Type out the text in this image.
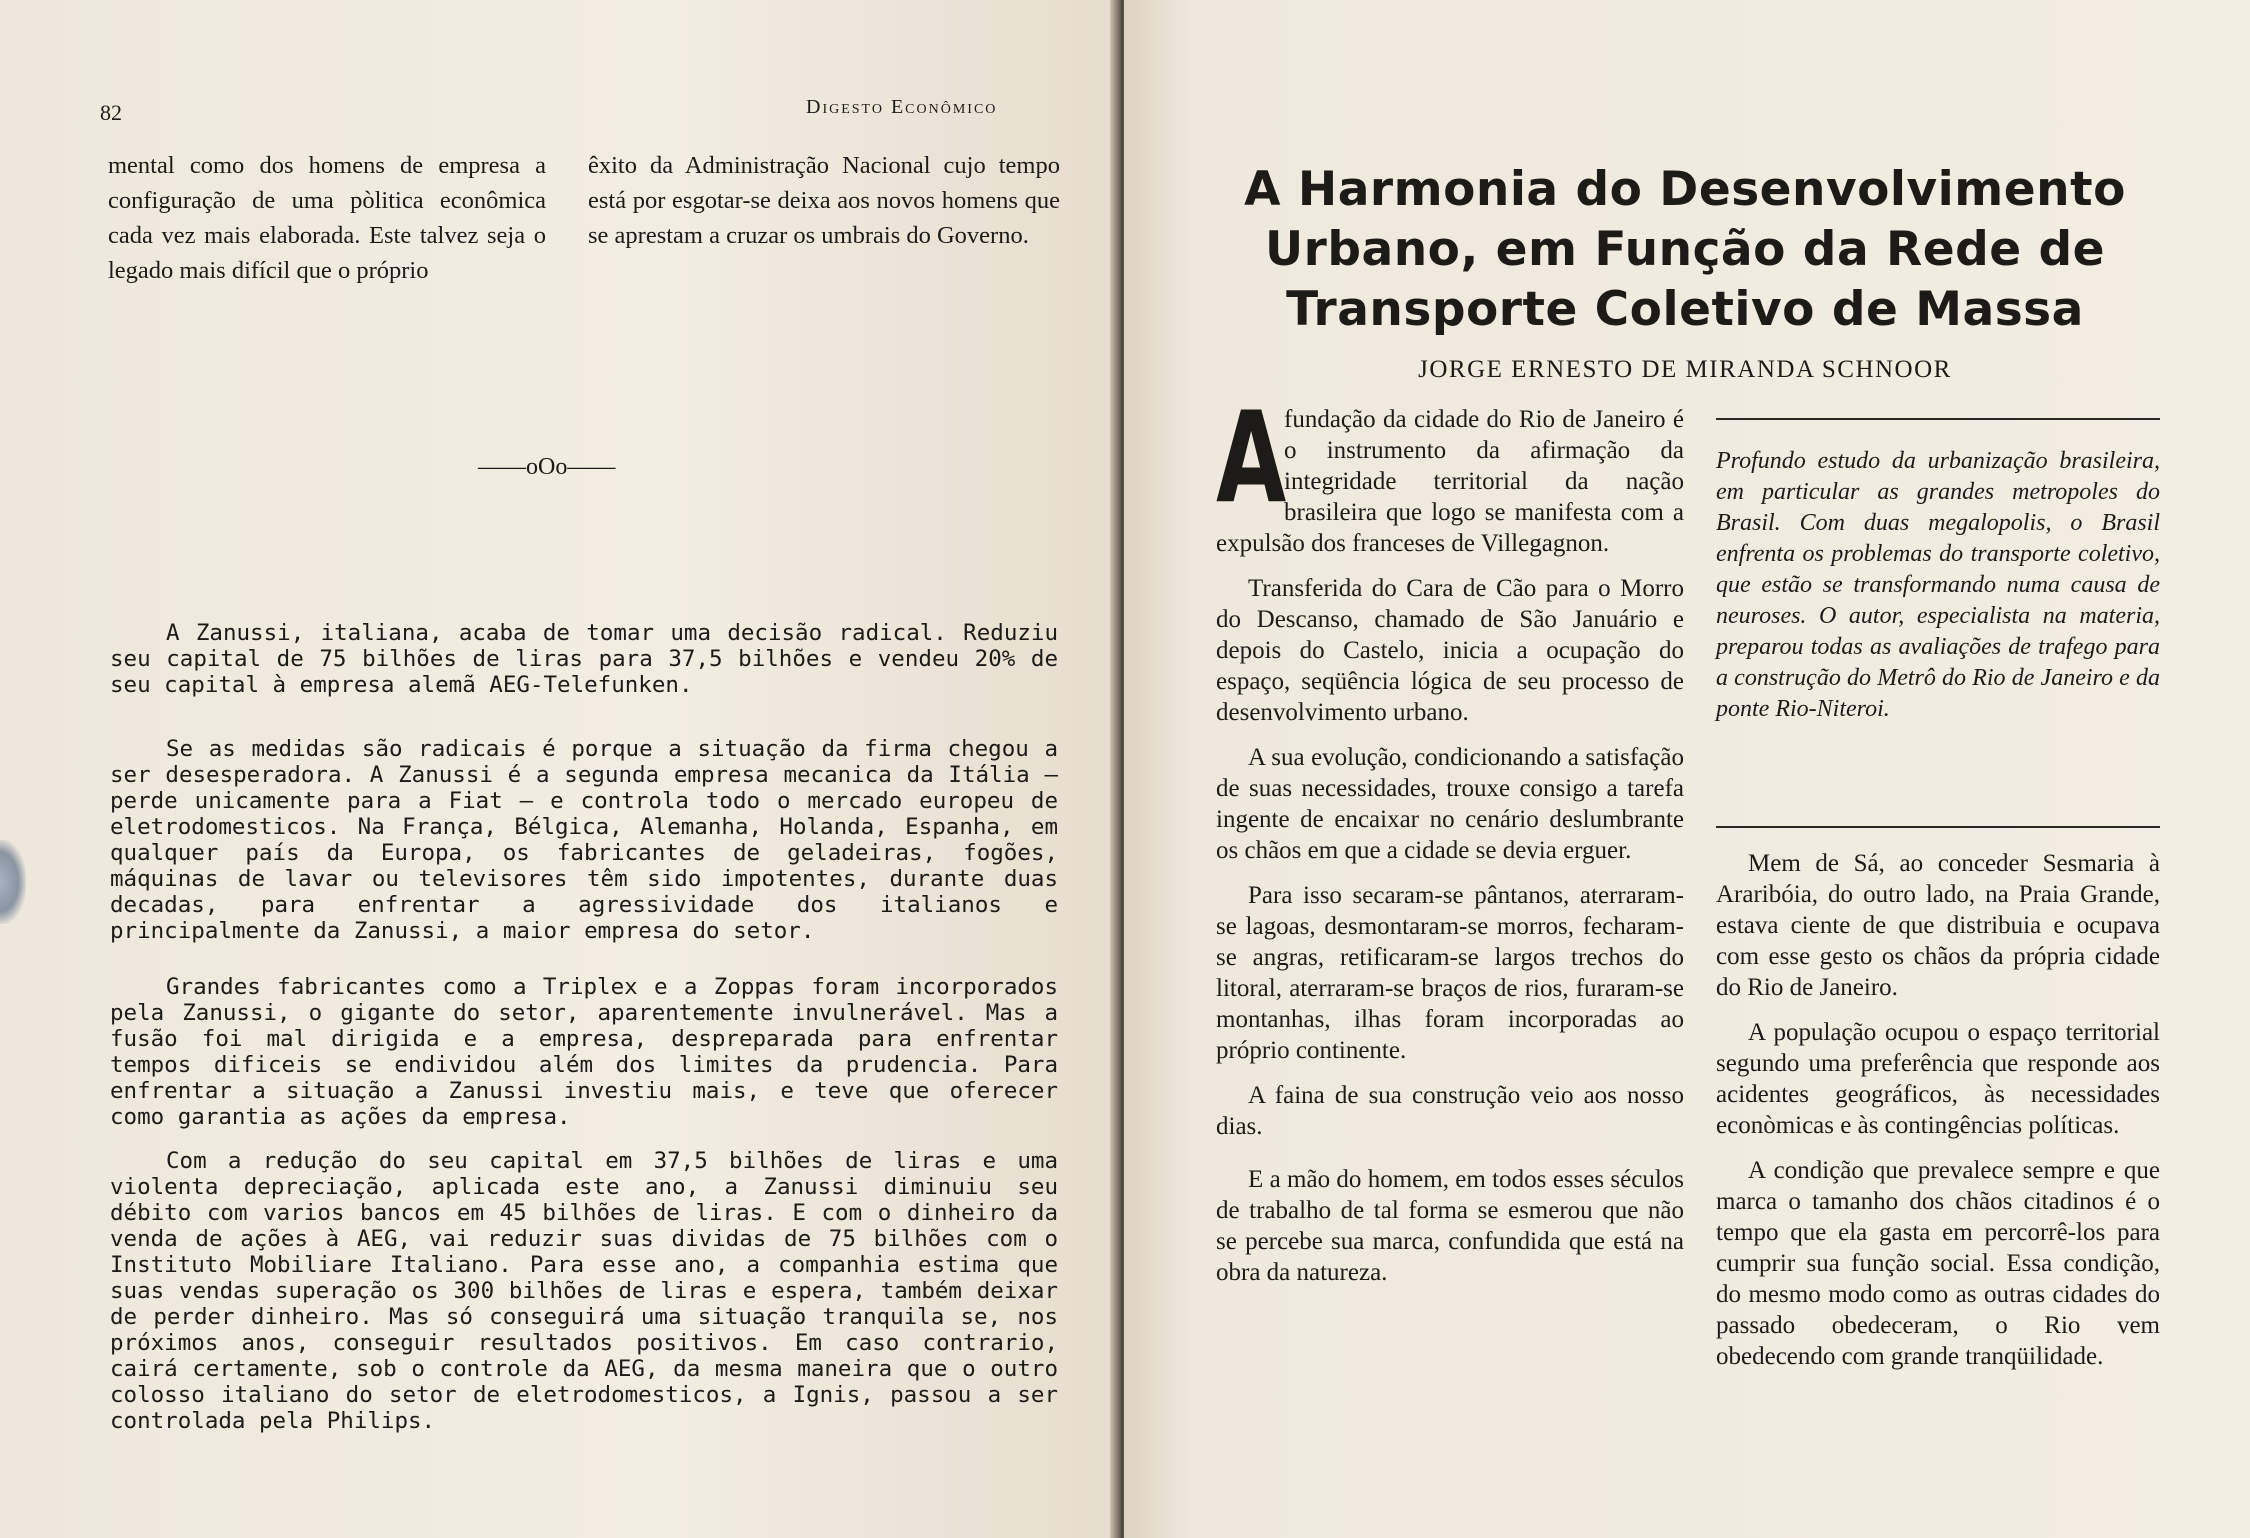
82	Digesto Econômico

mental como dos homens de empresa a configuração de uma pòlitica econômica cada vez mais elaborada. Este talvez seja o legado mais difícil que o próprio

êxito da Administração Nacional cujo tempo está por esgotar-se deixa aos novos homens que se aprestam a cruzar os umbrais do Governo.

——oOo——

A Zanussi, italiana, acaba de tomar uma decisão radical. Reduziu seu capital de 75 bilhões de liras para 37,5 bilhões e vendeu 20% de seu capital à empresa alemã AEG-Telefunken.

Se as medidas são radicais é porque a situação da firma chegou a ser desesperadora. A Zanussi é a segunda empresa mecanica da Itália — perde unicamente para a Fiat — e controla todo o mercado europeu de eletrodomesticos. Na França, Bélgica, Alemanha, Holanda, Espanha, em qualquer país da Europa, os fabricantes de geladeiras, fogões, máquinas de lavar ou televisores têm sido impotentes, durante duas decadas, para enfrentar a agressividade dos italianos e principalmente da Zanussi, a maior empresa do setor.

Grandes fabricantes como a Triplex e a Zoppas foram incorporados pela Zanussi, o gigante do setor, aparentemente invulnerável. Mas a fusão foi mal dirigida e a empresa, despreparada para enfrentar tempos dificeis se endividou além dos limites da prudencia. Para enfrentar a situação a Zanussi investiu mais, e teve que oferecer como garantia as ações da empresa.

Com a redução do seu capital em 37,5 bilhões de liras e uma violenta depreciação, aplicada este ano, a Zanussi diminuiu seu débito com varios bancos em 45 bilhões de liras. E com o dinheiro da venda de ações à AEG, vai reduzir suas dividas de 75 bilhões com o Instituto Mobiliare Italiano. Para esse ano, a companhia estima que suas vendas superação os 300 bilhões de liras e espera, também deixar de perder dinheiro. Mas só conseguirá uma situação tranquila se, nos próximos anos, conseguir resultados positivos. Em caso contrario, cairá certamente, sob o controle da AEG, da mesma maneira que o outro colosso italiano do setor de eletrodomesticos, a Ignis, passou a ser controlada pela Philips.

A Harmonia do Desenvolvimento Urbano, em Função da Rede de Transporte Coletivo de Massa

JORGE ERNESTO DE MIRANDA SCHNOOR

A
fundação da cidade do Rio de Janeiro é o instrumento da afirmação da integridade territorial da nação brasileira que logo se manifesta com a expulsão dos franceses de Villegagnon.

Transferida do Cara de Cão para o Morro do Descanso, chamado de São Januário e depois do Castelo, inicia a ocupação do espaço, seqüência lógica de seu processo de desenvolvimento urbano.

A sua evolução, condicionando a satisfação de suas necessidades, trouxe consigo a tarefa ingente de encaixar no cenário deslumbrante os chãos em que a cidade se devia erguer.

Para isso secaram-se pântanos, aterraram-se lagoas, desmontaram-se morros, fecharam-se angras, retificaram-se largos trechos do litoral, aterraram-se braços de rios, furaram-se montanhas, ilhas foram incorporadas ao próprio continente.

A faina de sua construção veio aos nosso dias.

E a mão do homem, em todos esses séculos de trabalho de tal forma se esmerou que não se percebe sua marca, confundida que está na obra da natureza.

Profundo estudo da urbanização brasileira, em particular as grandes metropoles do Brasil. Com duas megalopolis, o Brasil enfrenta os problemas do transporte coletivo, que estão se transformando numa causa de neuroses. O autor, especialista na materia, preparou todas as avaliações de trafego para a construção do Metrô do Rio de Janeiro e da ponte Rio-Niteroi.

Mem de Sá, ao conceder Sesmaria à Araribóia, do outro lado, na Praia Grande, estava ciente de que distribuia e ocupava com esse gesto os chãos da própria cidade do Rio de Janeiro.

A população ocupou o espaço territorial segundo uma preferência que responde aos acidentes geográficos, às necessidades econòmicas e às contingências políticas.

A condição que prevalece sempre e que marca o tamanho dos chãos citadinos é o tempo que ela gasta em percorrê-los para cumprir sua função social. Essa condição, do mesmo modo como as outras cidades do passado obedeceram, o Rio vem obedecendo com grande tranqüilidade.
